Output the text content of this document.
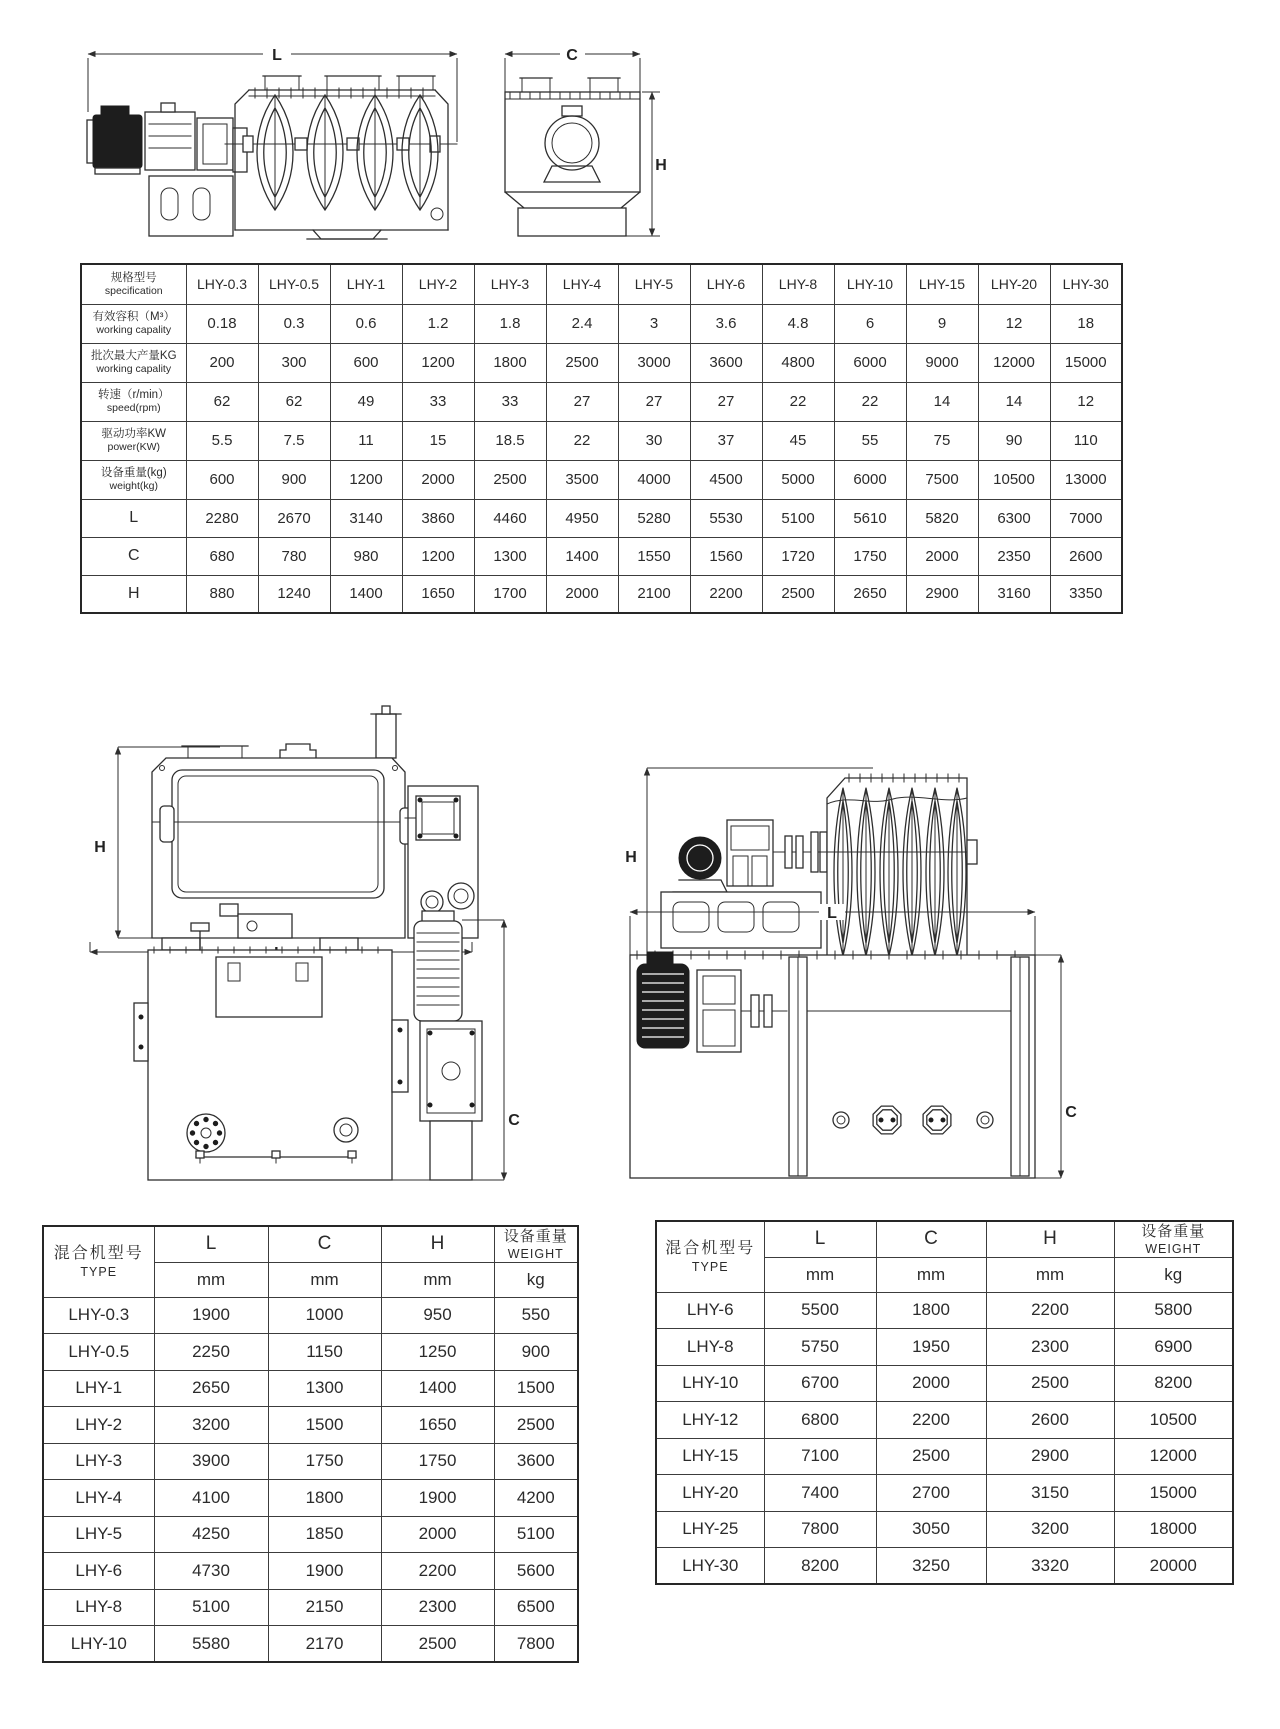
L	C
H
规格型号
specification	LHY-0.3	LHY-0.5	LHY-1	LHY-2	LHY-3	LHY-4	LHY-5	LHY-6	LHY-8	LHY-10	LHY-15	LHY-20	LHY-30

有效容积（M³）
working capality	0.18	0.3	0.6	1.2	1.8	2.4	3	3.6	4.8	6	9	12	18

批次最大产量KG
working capality	200	300	600	1200	1800	2500	3000	3600	4800	6000	9000	12000	15000

转速（r/min）
speed(rpm)	62	62	49	33	33	27	27	27	22	22	14	14	12

驱动功率KW
power(KW)	5.5	7.5	11	15	18.5	22	30	37	45	55	75	90	110

设备重量(kg)
weight(kg)	600	900	1200	2000	2500	3500	4000	4500	5000	6000	7500	10500	13000
L	2280	2670	3140	3860	4460	4950	5280	5530	5100	5610	5820	6300	7000
C	680	780	980	1200	1300	1400	1550	1560	1720	1750	2000	2350	2600
H	880	1240	1400	1650	1700	2000	2100	2200	2500	2650	2900	3160	3350
H
H
C
L
C
混合机型号
TYPE
	L	C	H	设备重量
WEIGHT

	mm	mm	mm	kg
LHY-0.3	1900	1000	950	550
LHY-0.5	2250	1150	1250	900
LHY-1	2650	1300	1400	1500
LHY-2	3200	1500	1650	2500
LHY-3	3900	1750	1750	3600
LHY-4	4100	1800	1900	4200
LHY-5	4250	1850	2000	5100
LHY-6	4730	1900	2200	5600
LHY-8	5100	2150	2300	6500
LHY-10	5580	2170	2500	7800
混合机型号
TYPE
	L	C	H	设备重量
WEIGHT

	mm	mm	mm	kg
LHY-6	5500	1800	2200	5800
LHY-8	5750	1950	2300	6900
LHY-10	6700	2000	2500	8200
LHY-12	6800	2200	2600	10500
LHY-15	7100	2500	2900	12000
LHY-20	7400	2700	3150	15000
LHY-25	7800	3050	3200	18000
LHY-30	8200	3250	3320	20000
